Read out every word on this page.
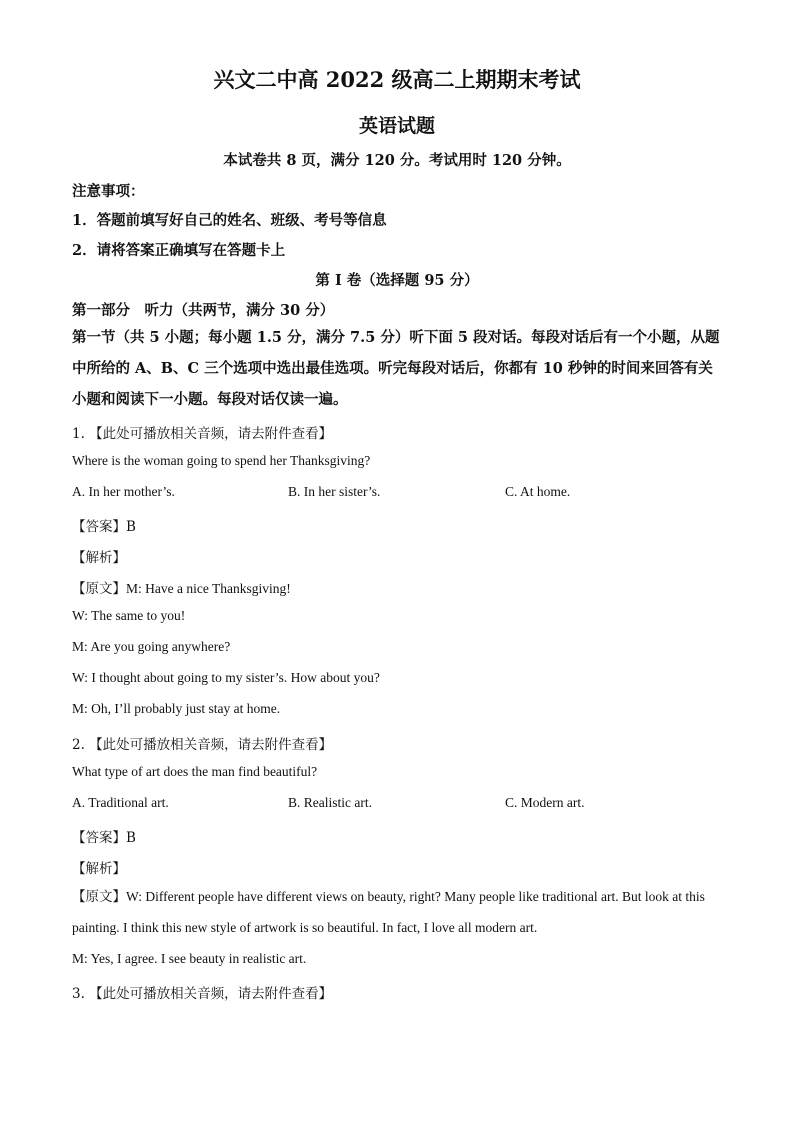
兴文二中高 2022 级高二上期期末考试
英语试题
本试卷共 8 页，满分 120 分。考试用时 120 分钟。
注意事项：
1．答题前填写好自己的姓名、班级、考号等信息
2．请将答案正确填写在答题卡上
第 I 卷（选择题 95 分）
第一部分　听力（共两节，满分 30 分）
第一节（共 5 小题；每小题 1.5 分，满分 7.5 分）听下面 5 段对话。每段对话后有一个小题，从题中所给的 A、B、C 三个选项中选出最佳选项。听完每段对话后，你都有 10 秒钟的时间来回答有关小题和阅读下一小题。每段对话仅读一遍。
1. 【此处可播放相关音频，请去附件查看】
Where is the woman going to spend her Thanksgiving?
A. In her mother’s.	B. In her sister’s.	C. At home.
【答案】B
【解析】
【原文】M: Have a nice Thanksgiving!
W: The same to you!
M: Are you going anywhere?
W: I thought about going to my sister’s. How about you?
M: Oh, I’ll probably just stay at home.
2. 【此处可播放相关音频，请去附件查看】
What type of art does the man find beautiful?
A. Traditional art.	B. Realistic art.	C. Modern art.
【答案】B
【解析】
【原文】W: Different people have different views on beauty, right? Many people like traditional art. But look at this painting. I think this new style of artwork is so beautiful. In fact, I love all modern art.
M: Yes, I agree. I see beauty in realistic art.
3. 【此处可播放相关音频，请去附件查看】
